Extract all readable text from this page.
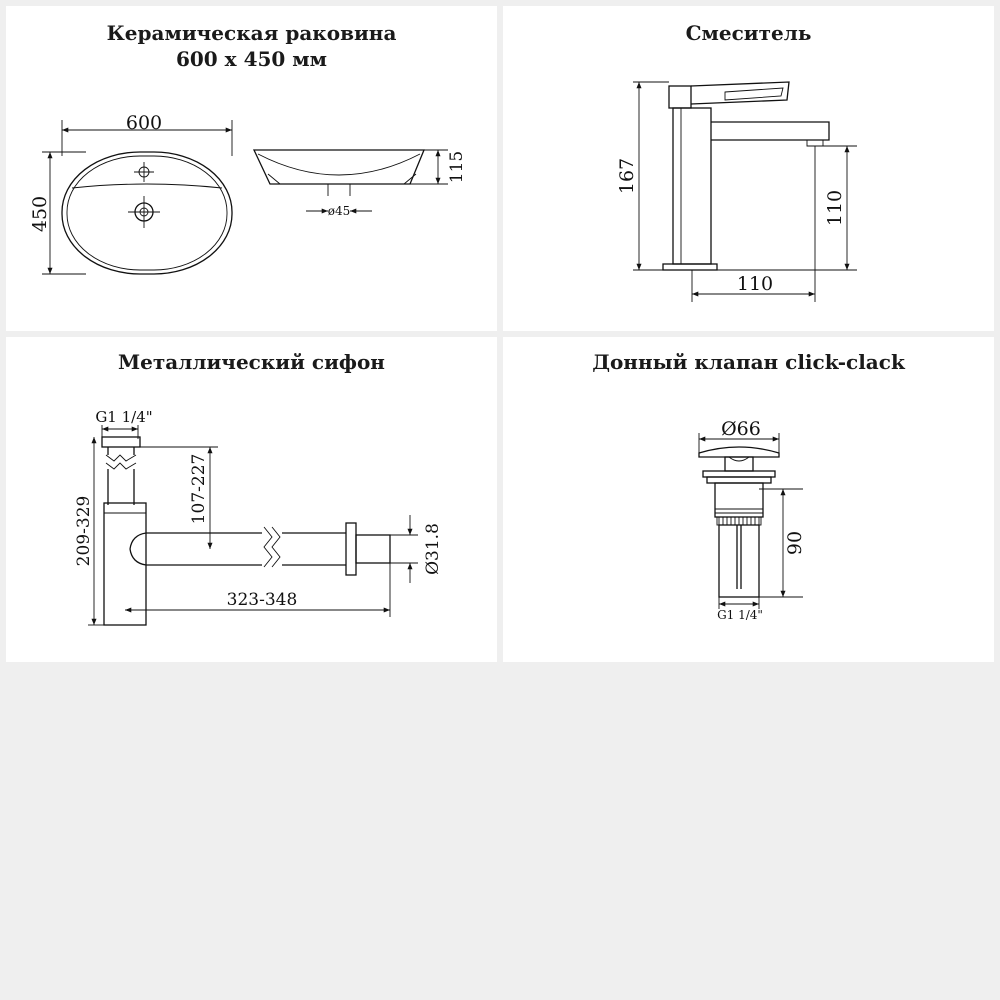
Керамическая раковина
600 x 450 мм
600
450
115
ø45
Смеситель
167
110
110
Металлический сифон
G1 1/4"
209-329
107-227
323-348
Ø31.8
Донный клапан click-clack
Ø66
90
G1 1/4"
